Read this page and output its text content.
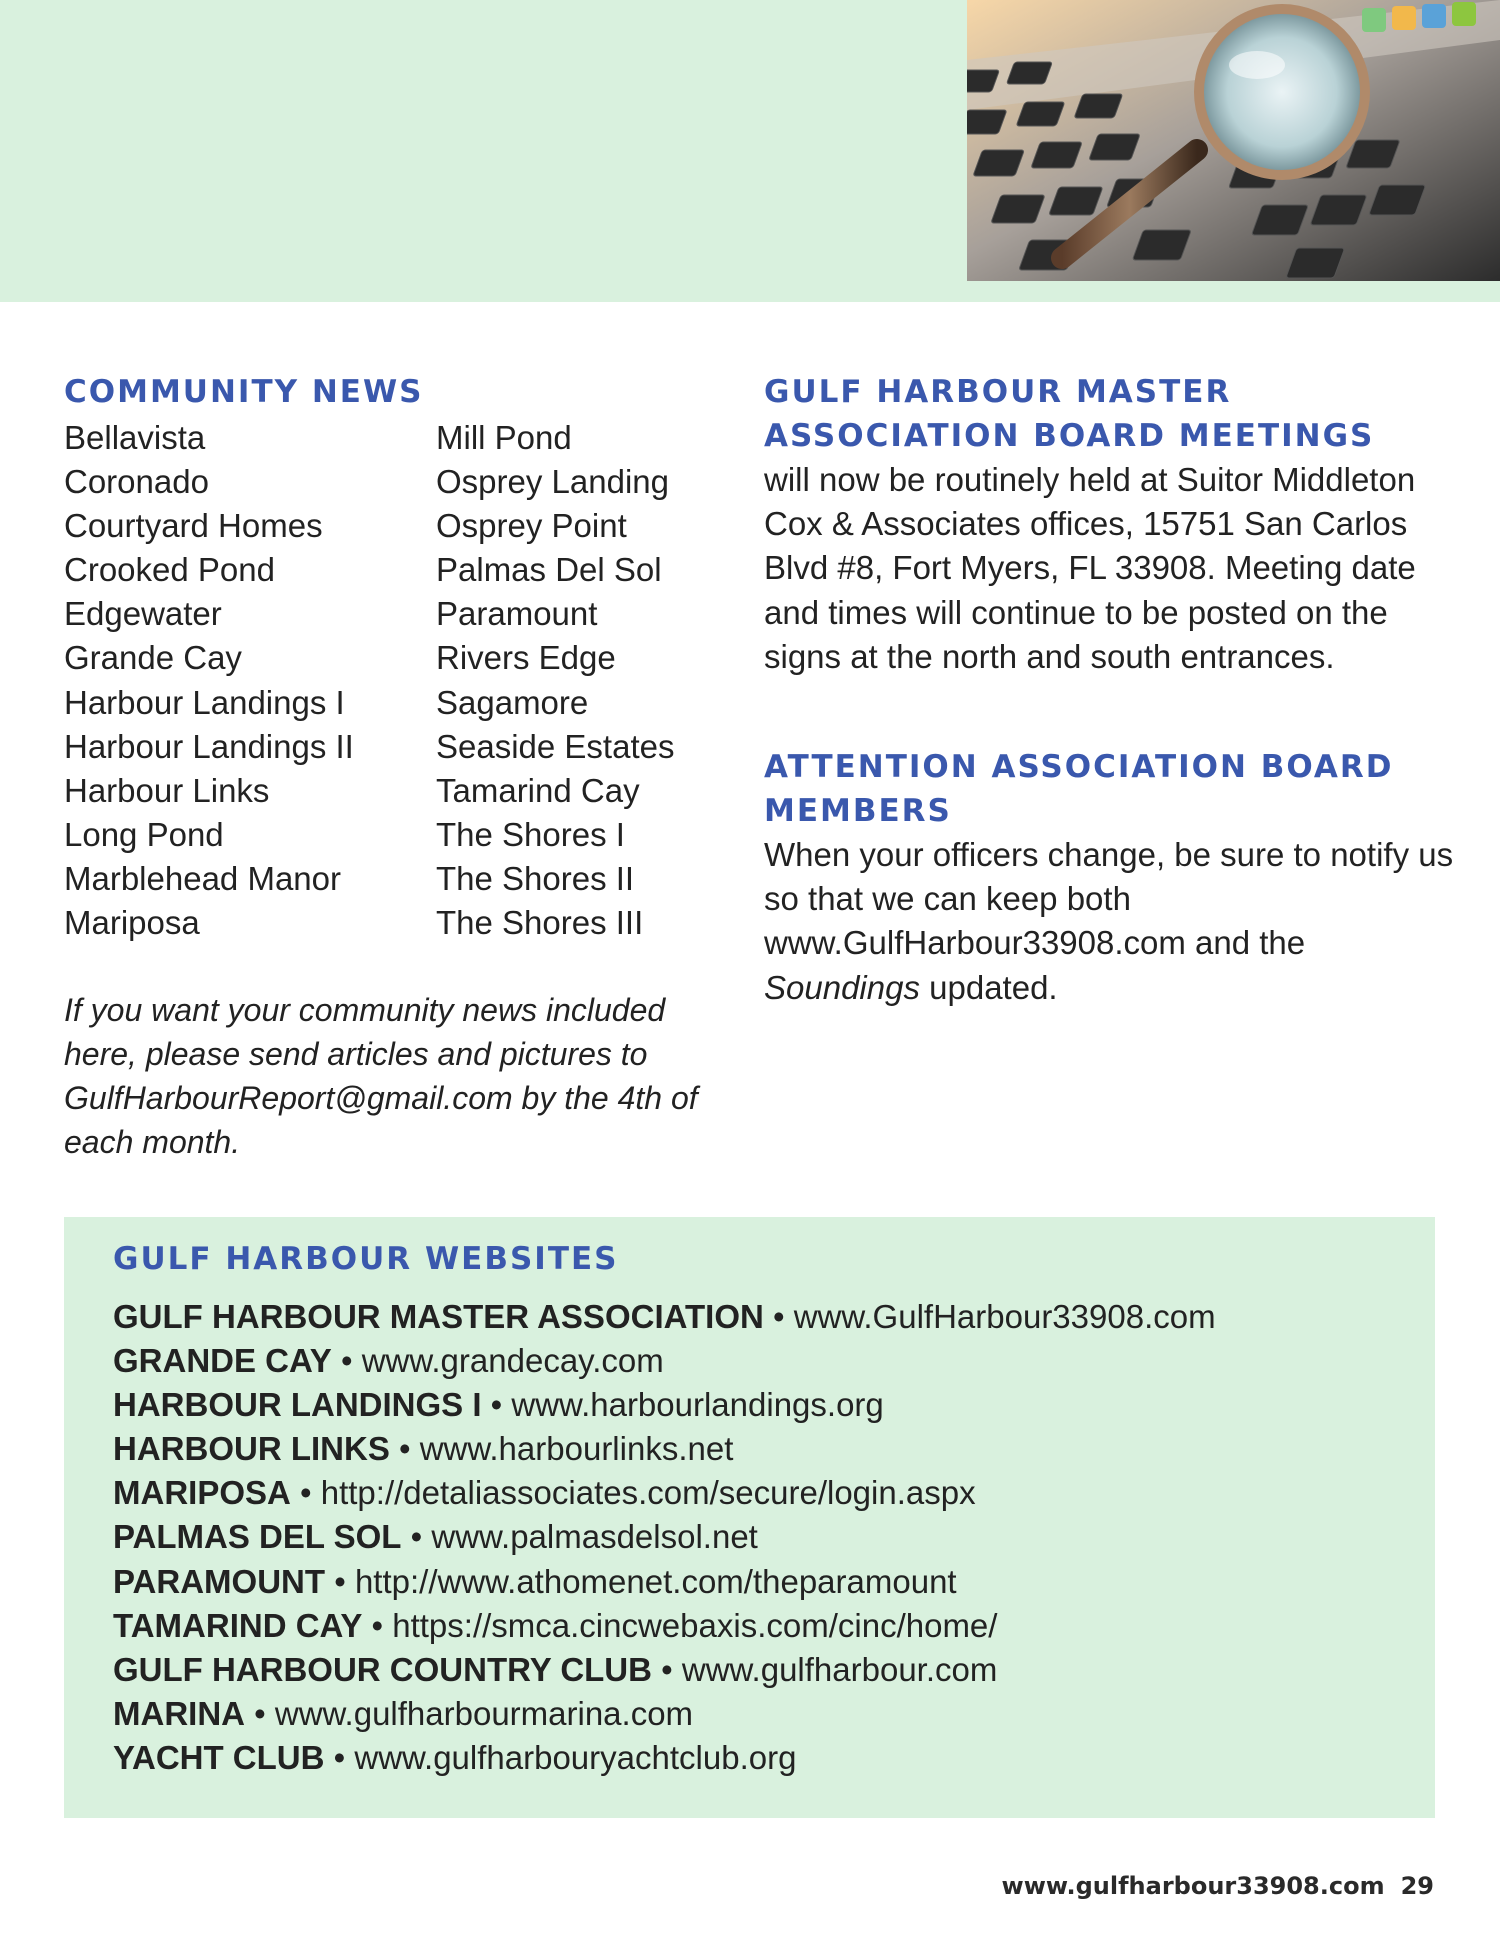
COMMUNITY NEWS
Bellavista
Coronado
Courtyard Homes
Crooked Pond
Edgewater
Grande Cay
Harbour Landings I
Harbour Landings II
Harbour Links
Long Pond
Marblehead Manor
Mariposa
Mill Pond
Osprey Landing
Osprey Point
Palmas Del Sol
Paramount
Rivers Edge
Sagamore
Seaside Estates
Tamarind Cay
The Shores I
The Shores II
The Shores III

If you want your community news included here, please send articles and pictures to GulfHarbourReport@gmail.com by the 4th of each month.

GULF HARBOUR MASTER ASSOCIATION BOARD MEETINGS

will now be routinely held at Suitor Middleton Cox & Associates offices, 15751 San Carlos Blvd #8, Fort Myers, FL 33908. Meeting date and times will continue to be posted on the signs at the north and south entrances.

ATTENTION ASSOCIATION BOARD MEMBERS

When your officers change, be sure to notify us so that we can keep both www.GulfHarbour33908.com and the Soundings updated.

GULF HARBOUR WEBSITES
GULF HARBOUR MASTER ASSOCIATION • www.GulfHarbour33908.com
GRANDE CAY • www.grandecay.com
HARBOUR LANDINGS I • www.harbourlandings.org
HARBOUR LINKS • www.harbourlinks.net
MARIPOSA • http://detaliassociates.com/secure/login.aspx
PALMAS DEL SOL • www.palmasdelsol.net
PARAMOUNT • http://www.athomenet.com/theparamount
TAMARIND CAY • https://smca.cincwebaxis.com/cinc/home/
GULF HARBOUR COUNTRY CLUB • www.gulfharbour.com
MARINA • www.gulfharbourmarina.com
YACHT CLUB • www.gulfharbouryachtclub.org
www.gulfharbour33908.com 29
